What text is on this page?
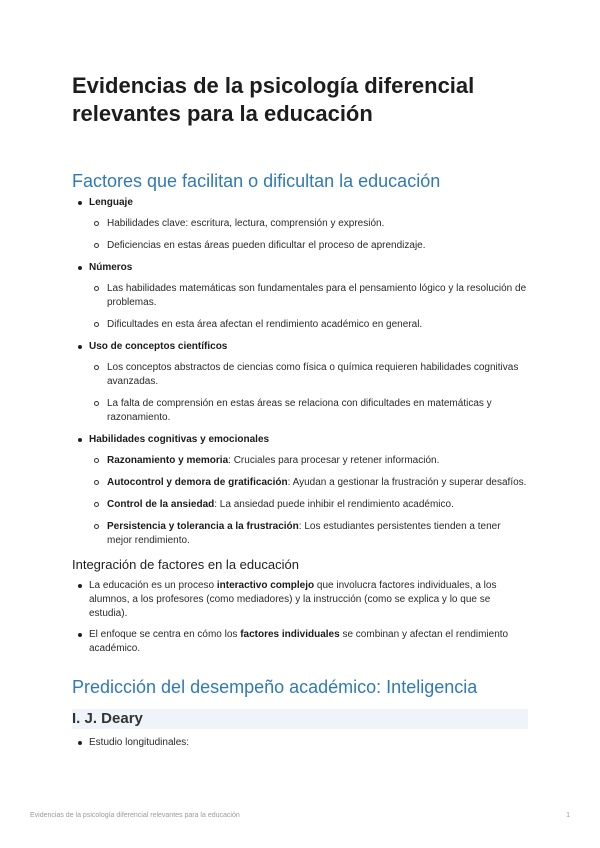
Evidencias de la psicología diferencial relevantes para la educación
Factores que facilitan o dificultan la educación
Lenguaje
Habilidades clave: escritura, lectura, comprensión y expresión.
Deficiencias en estas áreas pueden dificultar el proceso de aprendizaje.
Números
Las habilidades matemáticas son fundamentales para el pensamiento lógico y la resolución de problemas.
Dificultades en esta área afectan el rendimiento académico en general.
Uso de conceptos científicos
Los conceptos abstractos de ciencias como física o química requieren habilidades cognitivas avanzadas.
La falta de comprensión en estas áreas se relaciona con dificultades en matemáticas y razonamiento.
Habilidades cognitivas y emocionales
Razonamiento y memoria: Cruciales para procesar y retener información.
Autocontrol y demora de gratificación: Ayudan a gestionar la frustración y superar desafíos.
Control de la ansiedad: La ansiedad puede inhibir el rendimiento académico.
Persistencia y tolerancia a la frustración: Los estudiantes persistentes tienden a tener mejor rendimiento.
Integración de factores en la educación
La educación es un proceso interactivo complejo que involucra factores individuales, a los alumnos, a los profesores (como mediadores) y la instrucción (como se explica y lo que se estudia).
El enfoque se centra en cómo los factores individuales se combinan y afectan el rendimiento académico.
Predicción del desempeño académico: Inteligencia
I. J. Deary
Estudio longitudinales:
Evidencias de la psicología diferencial relevantes para la educación	1
